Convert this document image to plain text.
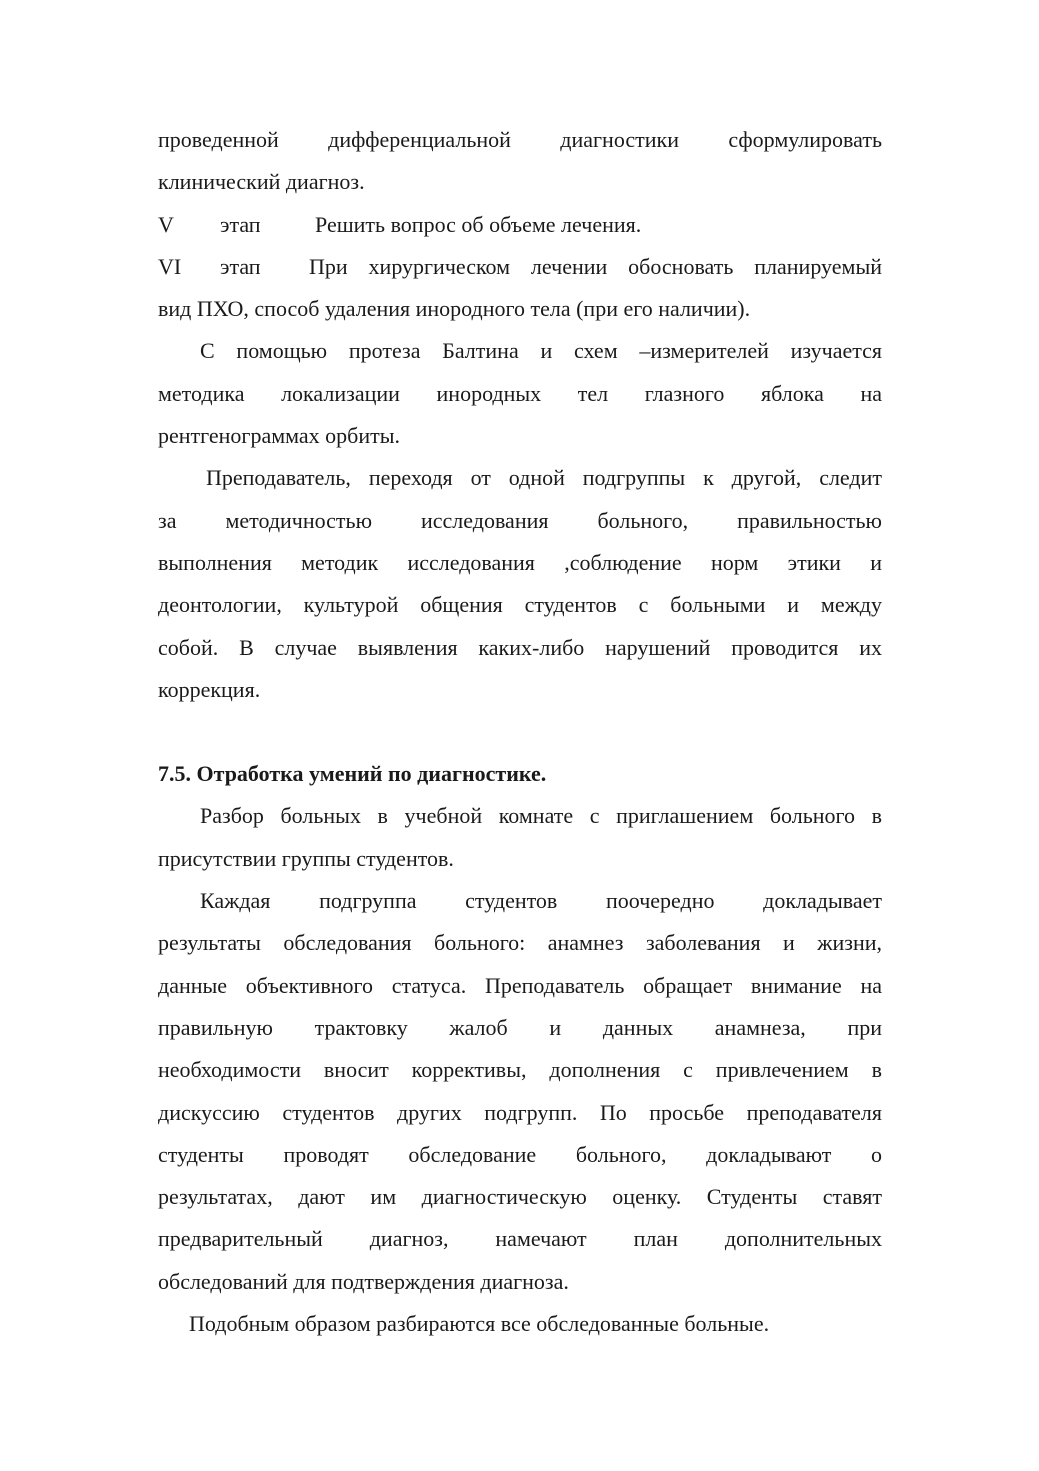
проведенной дифференциальной диагностики сформулировать
клинический диагноз.
V этап Решить вопрос об объеме лечения.
VI	этап	При хирургическом лечении обосновать планируемый
вид ПХО, способ удаления инородного тела (при его наличии).
С помощью протеза Балтина и схем –измерителей изучается
методика локализации инородных тел глазного яблока на
рентгенограммах орбиты.
Преподаватель, переходя от одной подгруппы к другой, следит
за методичностью исследования больного, правильностью
выполнения методик исследования ,соблюдение норм этики и
деонтологии, культурой общения студентов с больными и между
собой. В случае выявления каких-либо нарушений проводится их
коррекция.
7.5. Отработка умений по диагностике.
Разбор больных в учебной комнате с приглашением больного в
присутствии группы студентов.
Каждая подгруппа студентов поочередно докладывает
результаты обследования больного: анамнез заболевания и жизни,
данные объективного статуса. Преподаватель обращает внимание на
правильную трактовку жалоб и данных анамнеза, при
необходимости вносит коррективы, дополнения с привлечением в
дискуссию студентов других подгрупп. По просьбе преподавателя
студенты проводят обследование больного, докладывают о
результатах, дают им диагностическую оценку. Студенты ставят
предварительный диагноз, намечают план дополнительных
обследований для подтверждения диагноза.
Подобным образом разбираются все обследованные больные.
